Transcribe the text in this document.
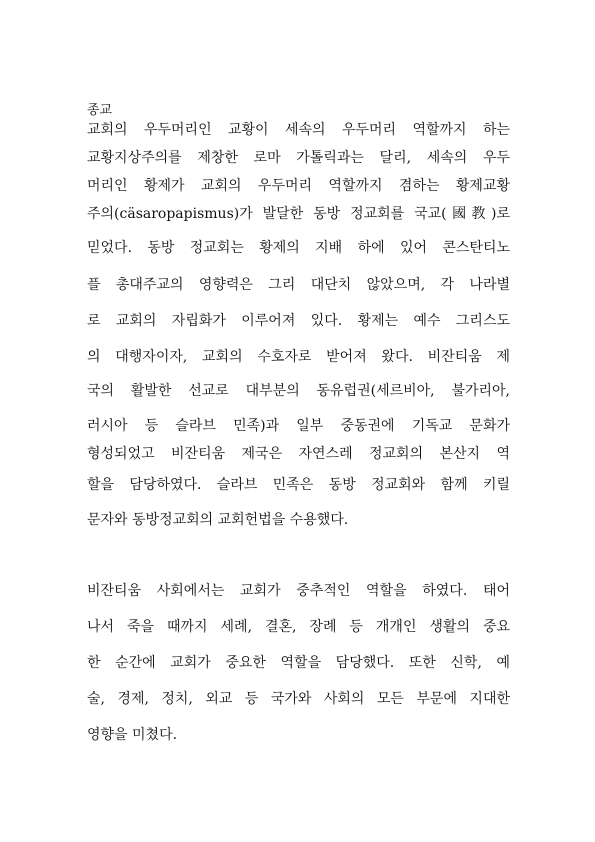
종교
교회의 우두머리인 교황이 세속의 우두머리 역할까지 하는
교황지상주의를 제창한 로마 가톨릭과는 달리, 세속의 우두
머리인 황제가 교회의 우두머리 역할까지 겸하는 황제교황
주의(cäsaropapismus)가 발달한 동방 정교회를 국교(國教)로
믿었다. 동방 정교회는 황제의 지배 하에 있어 콘스탄티노
플 총대주교의 영향력은 그리 대단치 않았으며, 각 나라별
로 교회의 자립화가 이루어져 있다. 황제는 예수 그리스도
의 대행자이자, 교회의 수호자로 받어져 왔다. 비잔티움 제
국의 활발한 선교로 대부분의 동유럽권(세르비아, 불가리아,
러시아 등 슬라브 민족)과 일부 중동권에 기독교 문화가
형성되었고 비잔티움 제국은 자연스레 정교회의 본산지 역
할을 담당하였다. 슬라브 민족은 동방 정교회와 함께 키릴
문자와 동방정교회의 교회헌법을 수용했다.
비잔티움 사회에서는 교회가 중추적인 역할을 하였다. 태어
나서 죽을 때까지 세례, 결혼, 장례 등 개개인 생활의 중요
한 순간에 교회가 중요한 역할을 담당했다. 또한 신학, 예
술, 경제, 정치, 외교 등 국가와 사회의 모든 부문에 지대한
영향을 미쳤다.
